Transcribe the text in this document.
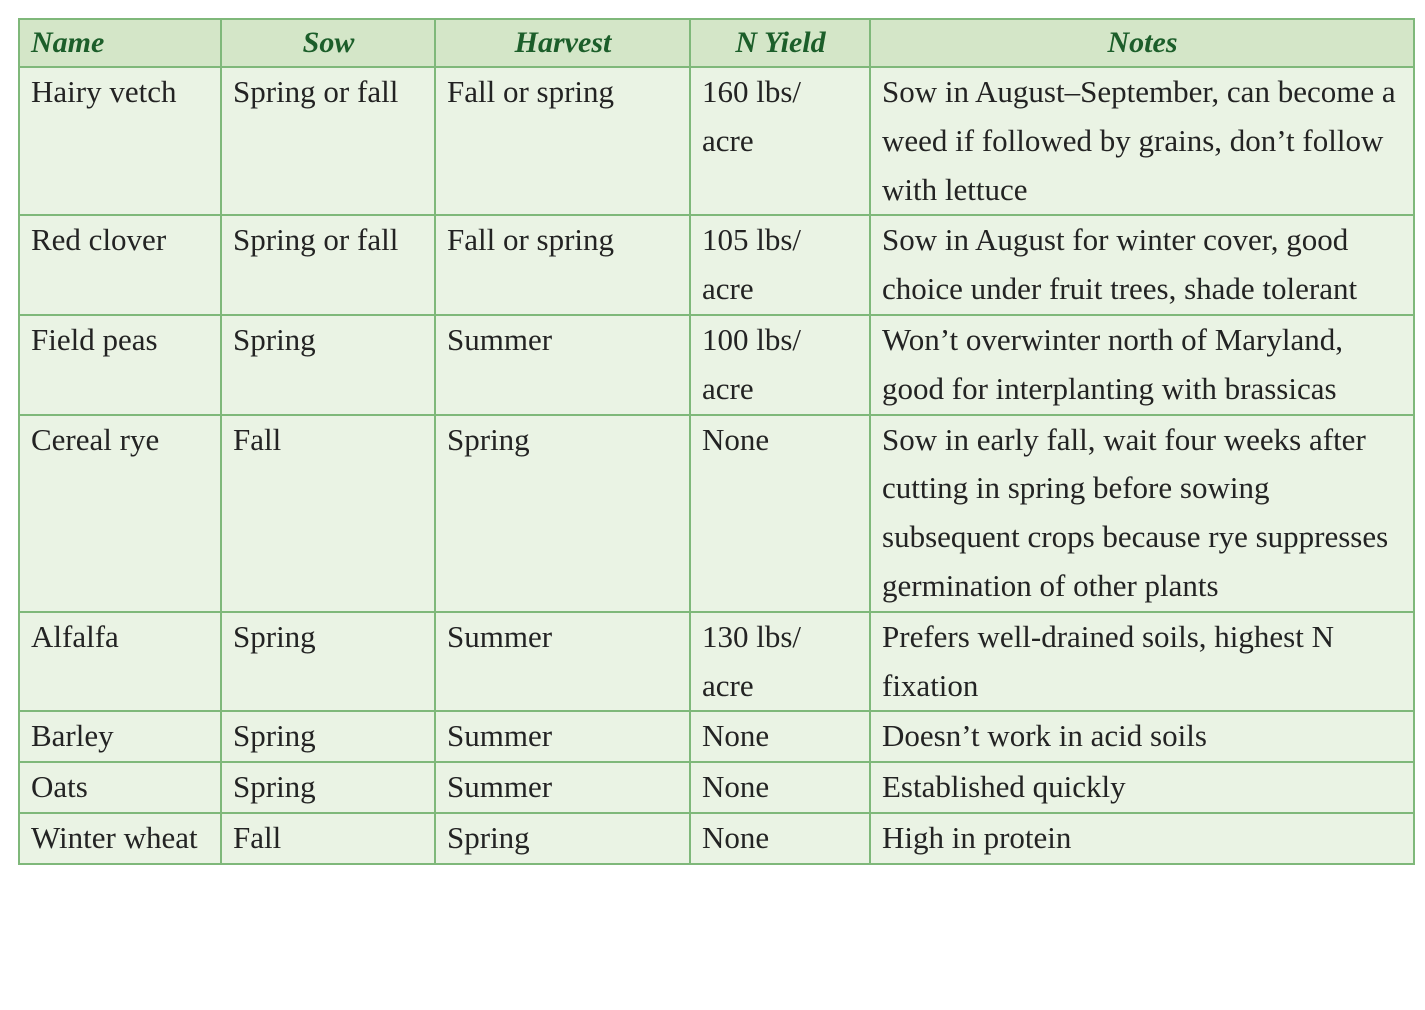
Name	Sow	Harvest	N Yield	Notes
Hairy vetch	Spring or fall	Fall or spring	160 lbs/ acre	Sow in August–September, can become a weed if followed by grains, don’t follow with lettuce
Red clover	Spring or fall	Fall or spring	105 lbs/ acre	Sow in August for winter cover, good choice under fruit trees, shade tolerant
Field peas	Spring	Summer	100 lbs/ acre	Won’t overwinter north of Maryland, good for interplanting with brassicas
Cereal rye	Fall	Spring	None	Sow in early fall, wait four weeks after cutting in spring before sowing subsequent crops because rye suppresses germination of other plants
Alfalfa	Spring	Summer	130 lbs/ acre	Prefers well-drained soils, highest N fixation
Barley	Spring	Summer	None	Doesn’t work in acid soils
Oats	Spring	Summer	None	Established quickly
Winter wheat	Fall	Spring	None	High in protein
